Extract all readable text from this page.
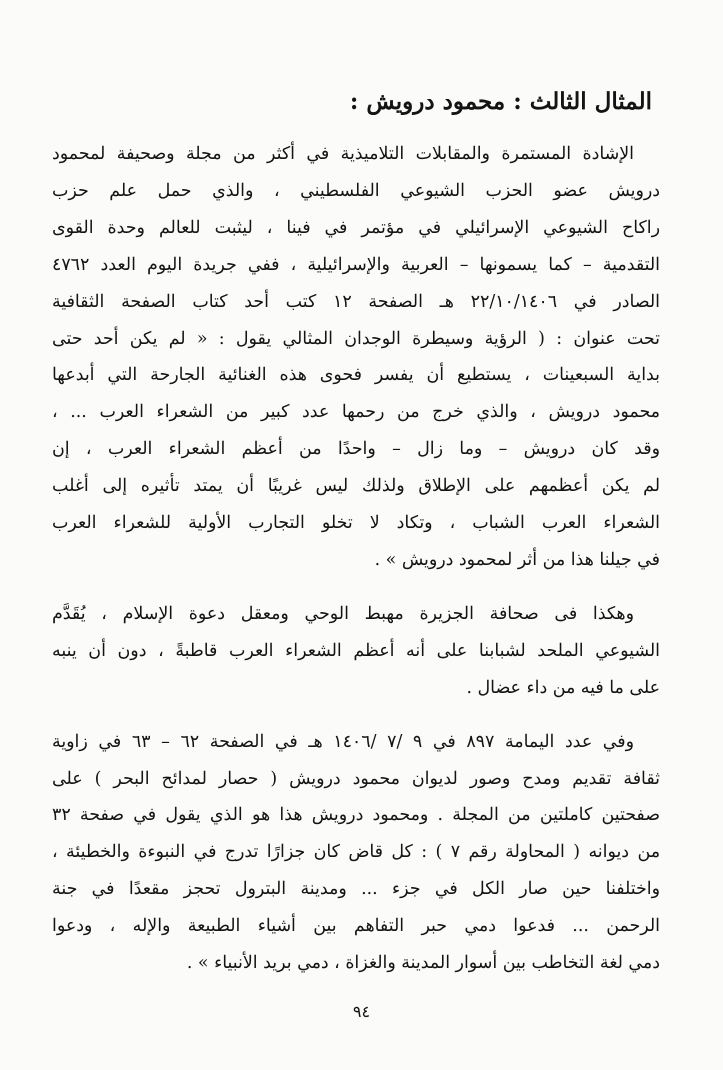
المثال الثالث : محمود درويش :

الإشادة المستمرة والمقابلات التلاميذية في أكثر من مجلة وصحيفة لمحمود
درويش عضو الحزب الشيوعي الفلسطيني ، والذي حمل علم حزب
راكاح الشيوعي الإسرائيلي في مؤتمر في فينا ، ليثبت للعالم وحدة القوى
التقدمية – كما يسمونها – العربية والإسرائيلية ، ففي جريدة اليوم العدد ٤٧٦٢
الصادر في ٢٢/١٠/١٤٠٦ هـ الصفحة ١٢ كتب أحد كتاب الصفحة الثقافية
تحت عنوان : ( الرؤية وسيطرة الوجدان المثالي يقول : « لم يكن أحد حتى
بداية السبعينات ، يستطيع أن يفسر فحوى هذه الغنائية الجارحة التي أبدعها
محمود درويش ، والذي خرج من رحمها عدد كبير من الشعراء العرب ... ،
وقد كان درويش – وما زال – واحدًا من أعظم الشعراء العرب ، إن
لم يكن أعظمهم على الإطلاق ولذلك ليس غريبًا أن يمتد تأثيره إلى أغلب
الشعراء العرب الشباب ، وتكاد لا تخلو التجارب الأولية للشعراء العرب
في جيلنا هذا من أثر لمحمود درويش » .

وهكذا فى صحافة الجزيرة مهبط الوحي ومعقل دعوة الإسلام ، يُقَدَّم
الشيوعي الملحد لشبابنا على أنه أعظم الشعراء العرب قاطبةً ، دون أن ينبه
على ما فيه من داء عضال .

وفي عدد اليمامة ٨٩٧ في ٩ /٧ /١٤٠٦ هـ في الصفحة ٦٢ – ٦٣ في زاوية
ثقافة تقديم ومدح وصور لديوان محمود درويش ( حصار لمدائح البحر ) على
صفحتين كاملتين من المجلة . ومحمود درويش هذا هو الذي يقول في صفحة ٣٢
من ديوانه ( المحاولة رقم ٧ ) : كل قاض كان جزارًا تدرج في النبوءة والخطيئة ،
واختلفنا حين صار الكل في جزء ... ومدينة البترول تحجز مقعدًا في جنة
الرحمن ... فدعوا دمي حبر التفاهم بين أشياء الطبيعة والإله ، ودعوا
دمي لغة التخاطب بين أسوار المدينة والغزاة ، دمي بريد الأنبياء » .

٩٤
